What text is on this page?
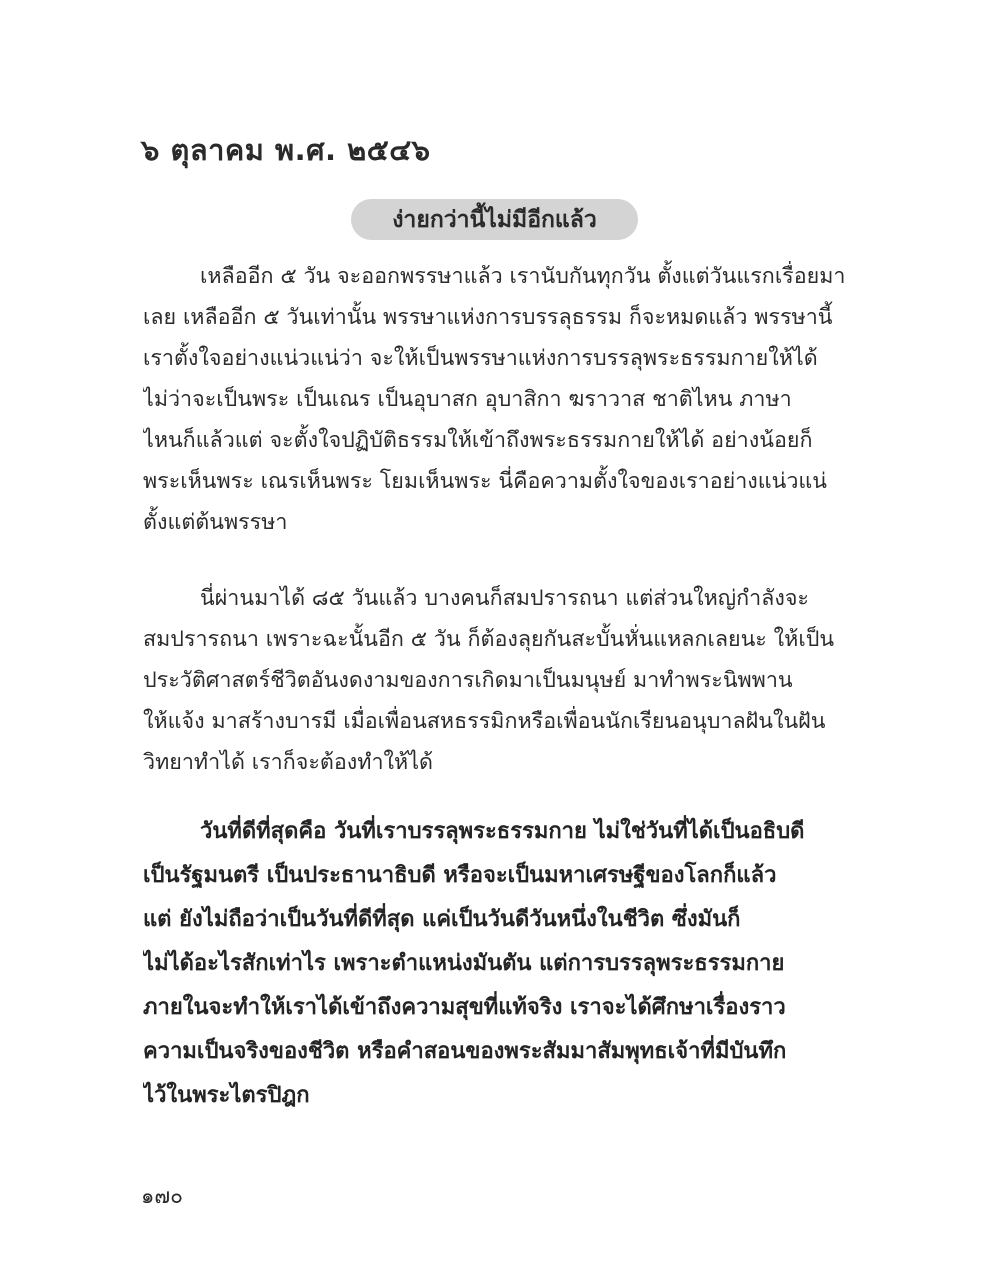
๖ ตุลาคม พ.ศ. ๒๕๔๖
ง่ายกว่านี้ไม่มีอีกแล้ว
เหลืออีก ๕ วัน จะออกพรรษาแล้ว เรานับกันทุกวัน ตั้งแต่วันแรกเรื่อยมา
เลย เหลืออีก ๕ วันเท่านั้น พรรษาแห่งการบรรลุธรรม ก็จะหมดแล้ว พรรษานี้
เราตั้งใจอย่างแน่วแน่ว่า จะให้เป็นพรรษาแห่งการบรรลุพระธรรมกายให้ได้
ไม่ว่าจะเป็นพระ เป็นเณร เป็นอุบาสก อุบาสิกา ฆราวาส ชาติไหน ภาษา
ไหนก็แล้วแต่ จะตั้งใจปฏิบัติธรรมให้เข้าถึงพระธรรมกายให้ได้ อย่างน้อยก็
พระเห็นพระ เณรเห็นพระ โยมเห็นพระ นี่คือความตั้งใจของเราอย่างแน่วแน่
ตั้งแต่ต้นพรรษา
นี่ผ่านมาได้ ๘๕ วันแล้ว บางคนก็สมปรารถนา แต่ส่วนใหญ่กำลังจะ
สมปรารถนา เพราะฉะนั้นอีก ๕ วัน ก็ต้องลุยกันสะบั้นหั่นแหลกเลยนะ ให้เป็น
ประวัติศาสตร์ชีวิตอันงดงามของการเกิดมาเป็นมนุษย์ มาทำพระนิพพาน
ให้แจ้ง มาสร้างบารมี เมื่อเพื่อนสหธรรมิกหรือเพื่อนนักเรียนอนุบาลฝันในฝัน
วิทยาทำได้ เราก็จะต้องทำให้ได้
วันที่ดีที่สุดคือ วันที่เราบรรลุพระธรรมกาย ไม่ใช่วันที่ได้เป็นอธิบดี
เป็นรัฐมนตรี เป็นประธานาธิบดี หรือจะเป็นมหาเศรษฐีของโลกก็แล้ว
แต่ ยังไม่ถือว่าเป็นวันที่ดีที่สุด แค่เป็นวันดีวันหนึ่งในชีวิต ซึ่งมันก็
ไม่ได้อะไรสักเท่าไร เพราะตำแหน่งมันตัน แต่การบรรลุพระธรรมกาย
ภายในจะทำให้เราได้เข้าถึงความสุขที่แท้จริง เราจะได้ศึกษาเรื่องราว
ความเป็นจริงของชีวิต หรือคำสอนของพระสัมมาสัมพุทธเจ้าที่มีบันทึก
ไว้ในพระไตรปิฎก
๑๗๐
